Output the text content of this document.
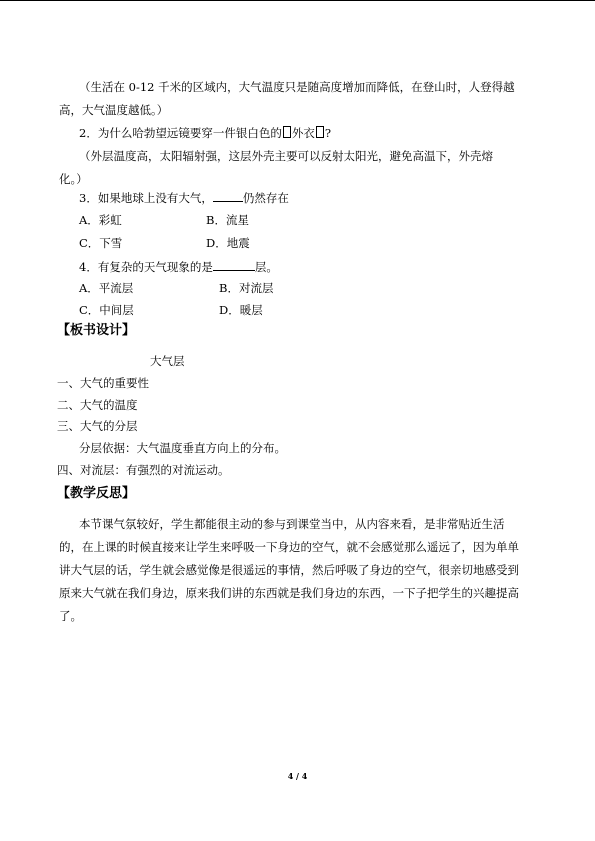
（生活在 0-12 千米的区域内，大气温度只是随高度增加而降低，在登山时，人登得越
高，大气温度越低。）
2．为什么哈勃望远镜要穿一件银白色的 外衣 ?
（外层温度高，太阳辐射强，这层外壳主要可以反射太阳光，避免高温下，外壳熔
化。）
3．如果地球上没有大气，	仍然存在
A．彩虹	B．流星
C．下雪	D．地震
4．有复杂的天气现象的是	层。
A．平流层	B．对流层
C．中间层	D．暖层
【板书设计】
大气层
一、大气的重要性
二、大气的温度
三、大气的分层
分层依据：大气温度垂直方向上的分布。
四、对流层：有强烈的对流运动。
【教学反思】
本节课气氛较好，学生都能很主动的参与到课堂当中，从内容来看，是非常贴近生活
的，在上课的时候直接来让学生来呼吸一下身边的空气，就不会感觉那么遥远了，因为单单
讲大气层的话，学生就会感觉像是很遥远的事情，然后呼吸了身边的空气，很亲切地感受到
原来大气就在我们身边，原来我们讲的东西就是我们身边的东西，一下子把学生的兴趣提高
了。
4 / 4
